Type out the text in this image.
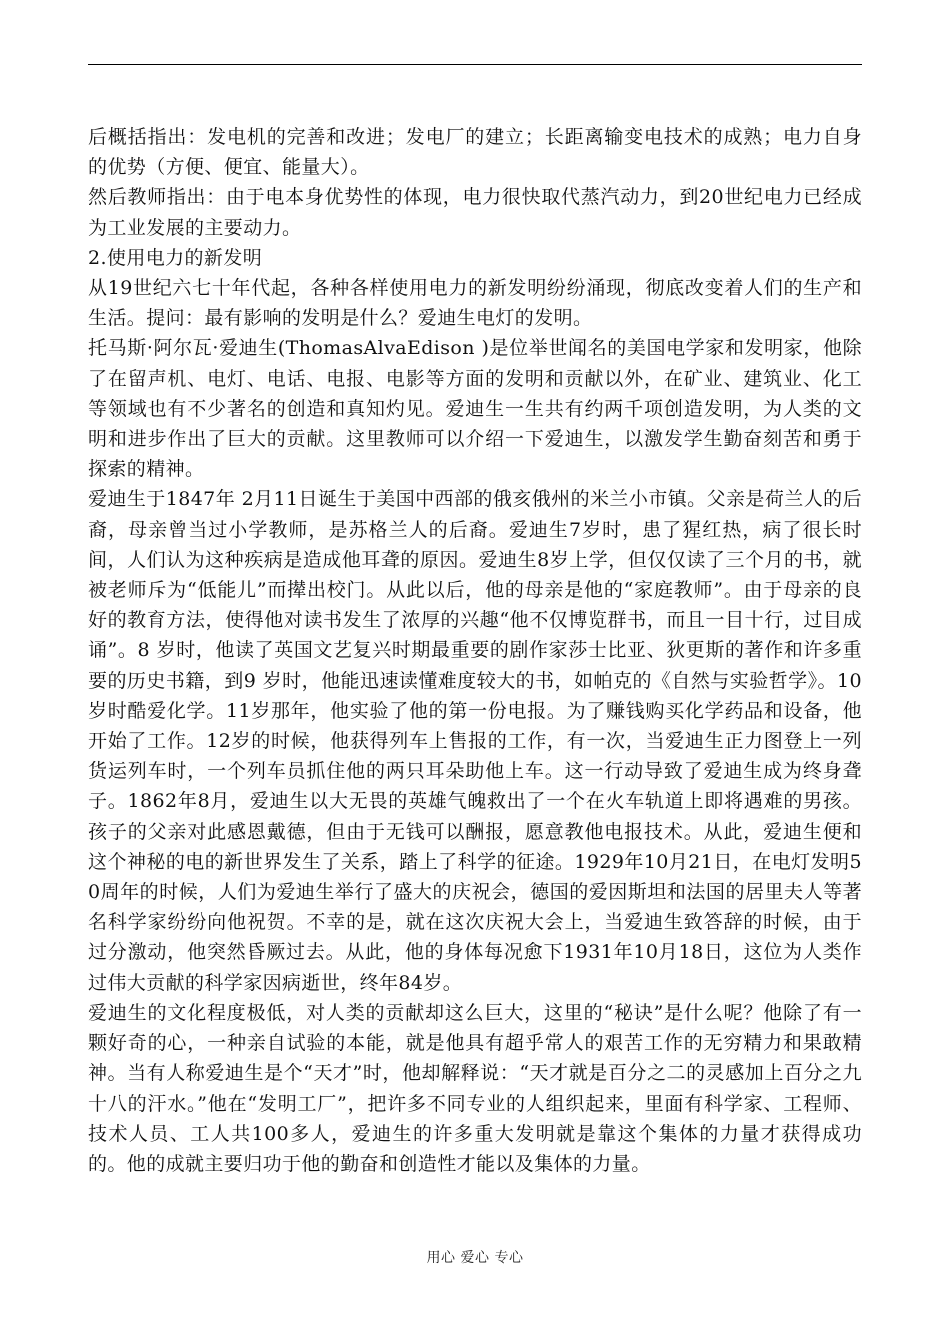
后概括指出：发电机的完善和改进；发电厂的建立；长距离输变电技术的成熟；电力自身的优势（方便、便宜、能量大）。

然后教师指出：由于电本身优势性的体现，电力很快取代蒸汽动力，到20世纪电力已经成为工业发展的主要动力。

2.使用电力的新发明

从19世纪六七十年代起，各种各样使用电力的新发明纷纷涌现，彻底改变着人们的生产和生活。提问：最有影响的发明是什么？爱迪生电灯的发明。

托马斯·阿尔瓦·爱迪生(ThomasAlvaEdison )是位举世闻名的美国电学家和发明家，他除了在留声机、电灯、电话、电报、电影等方面的发明和贡献以外，在矿业、建筑业、化工等领域也有不少著名的创造和真知灼见。爱迪生一生共有约两千项创造发明，为人类的文明和进步作出了巨大的贡献。这里教师可以介绍一下爱迪生，以激发学生勤奋刻苦和勇于探索的精神。

爱迪生于1847年 2月11日诞生于美国中西部的俄亥俄州的米兰小市镇。父亲是荷兰人的后裔，母亲曾当过小学教师，是苏格兰人的后裔。爱迪生7岁时，患了猩红热，病了很长时间，人们认为这种疾病是造成他耳聋的原因。爱迪生8岁上学，但仅仅读了三个月的书，就被老师斥为“低能儿”而撵出校门。从此以后，他的母亲是他的“家庭教师”。由于母亲的良好的教育方法，使得他对读书发生了浓厚的兴趣“他不仅博览群书，而且一目十行，过目成诵”。8 岁时，他读了英国文艺复兴时期最重要的剧作家莎士比亚、狄更斯的著作和许多重要的历史书籍，到9 岁时，他能迅速读懂难度较大的书，如帕克的《自然与实验哲学》。10岁时酷爱化学。11岁那年，他实验了他的第一份电报。为了赚钱购买化学药品和设备，他开始了工作。12岁的时候，他获得列车上售报的工作，有一次，当爱迪生正力图登上一列货运列车时，一个列车员抓住他的两只耳朵助他上车。这一行动导致了爱迪生成为终身聋子。1862年8月，爱迪生以大无畏的英雄气魄救出了一个在火车轨道上即将遇难的男孩。孩子的父亲对此感恩戴德，但由于无钱可以酬报，愿意教他电报技术。从此，爱迪生便和这个神秘的电的新世界发生了关系，踏上了科学的征途。1929年10月21日，在电灯发明50周年的时候，人们为爱迪生举行了盛大的庆祝会，德国的爱因斯坦和法国的居里夫人等著名科学家纷纷向他祝贺。不幸的是，就在这次庆祝大会上，当爱迪生致答辞的时候，由于过分激动，他突然昏厥过去。从此，他的身体每况愈下1931年10月18日，这位为人类作过伟大贡献的科学家因病逝世，终年84岁。

爱迪生的文化程度极低，对人类的贡献却这么巨大，这里的“秘诀”是什么呢？他除了有一颗好奇的心，一种亲自试验的本能，就是他具有超乎常人的艰苦工作的无穷精力和果敢精神。当有人称爱迪生是个“天才”时，他却解释说：“天才就是百分之二的灵感加上百分之九十八的汗水。”他在“发明工厂”，把许多不同专业的人组织起来，里面有科学家、工程师、技术人员、工人共100多人，爱迪生的许多重大发明就是靠这个集体的力量才获得成功的。他的成就主要归功于他的勤奋和创造性才能以及集体的力量。

用心 爱心 专心
